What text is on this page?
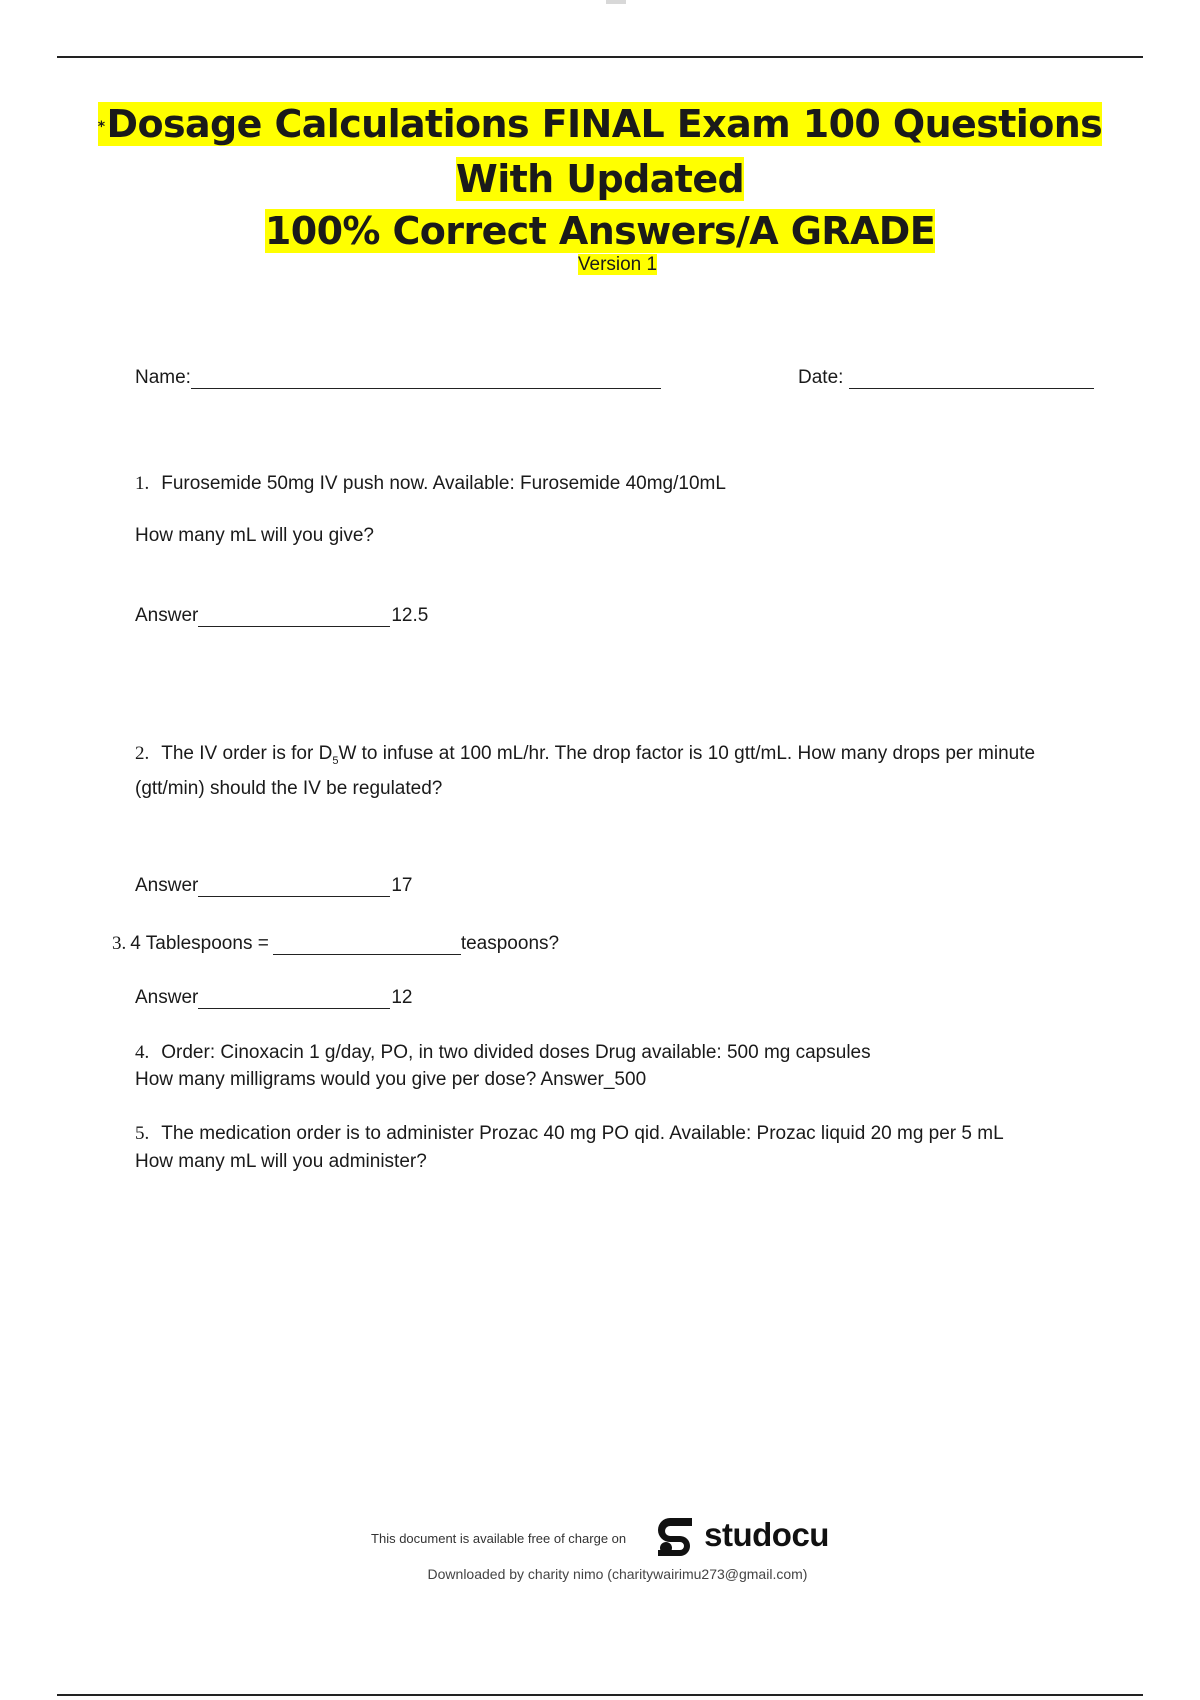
*Dosage Calculations FINAL Exam 100 Questions With Updated
100% Correct Answers/A GRADE
Version 1
Name:	Date:
1. Furosemide 50mg IV push now. Available: Furosemide 40mg/10mL
How many mL will you give?
Answer	12.5
2. The IV order is for $D_5W$ to infuse at 100 mL/hr. The drop factor is 10 gtt/mL. How many drops per minute (gtt/min) should the IV be regulated?
Answer	17
3. 4 Tablespoons =	teaspoons?
Answer	12
4. Order: Cinoxacin 1 g/day, PO, in two divided doses Drug available: 500 mg capsules
How many milligrams would you give per dose? Answer_500
5. The medication order is to administer Prozac 40 mg PO qid. Available: Prozac liquid 20 mg per 5 mL
How many mL will you administer?
This document is available free of charge on studocu
Downloaded by charity nimo (charitywairimu273@gmail.com)
